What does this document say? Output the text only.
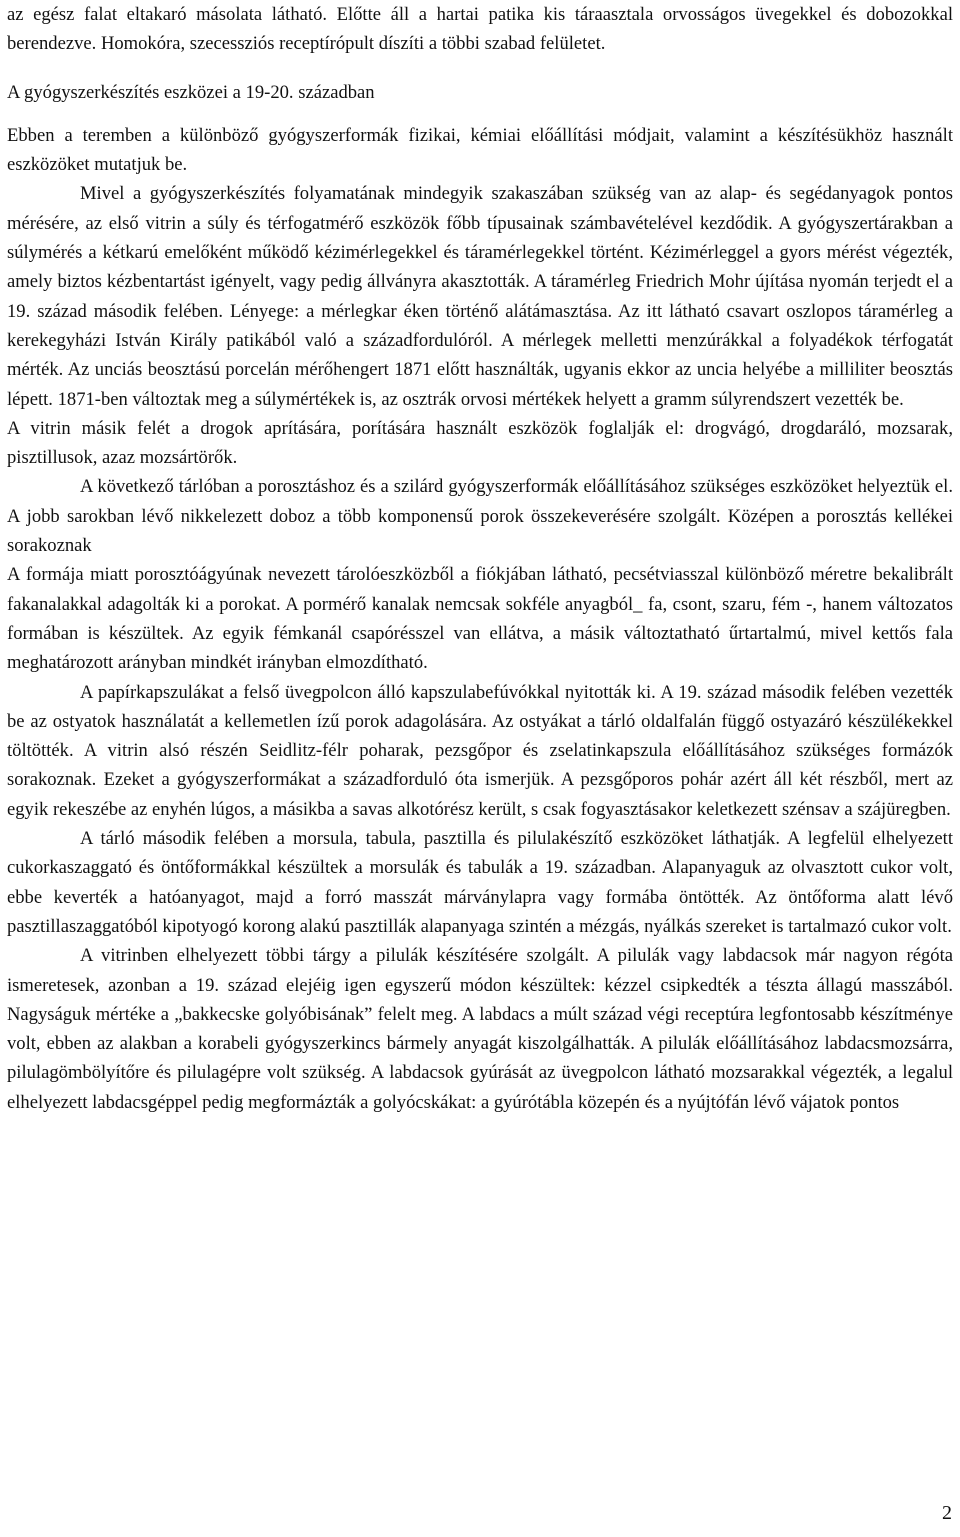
az egész falat eltakaró másolata látható. Előtte áll a hartai patika kis táraasztala orvosságos üvegekkel és dobozokkal berendezve. Homokóra, szecessziós receptírópult díszíti a többi szabad felületet.

A gyógyszerkészítés eszközei a 19-20. században

Ebben a teremben a különböző gyógyszerformák fizikai, kémiai előállítási módjait, valamint a készítésükhöz használt eszközöket mutatjuk be.

Mivel a gyógyszerkészítés folyamatának mindegyik szakaszában szükség van az alap- és segédanyagok pontos mérésére, az első vitrin a súly és térfogatmérő eszközök főbb típusainak számbavételével kezdődik. A gyógyszertárakban a súlymérés a kétkarú emelőként működő kézimérlegekkel és táramérlegekkel történt. Kézimérleggel a gyors mérést végezték, amely biztos kézbentartást igényelt, vagy pedig állványra akasztották. A táramérleg Friedrich Mohr újítása nyomán terjedt el a 19. század második felében. Lényege: a mérlegkar éken történő alátámasztása. Az itt látható csavart oszlopos táramérleg a kerekegyházi István Király patikából való a századfordulóról. A mérlegek melletti menzúrákkal a folyadékok térfogatát mérték. Az unciás beosztású porcelán mérőhengert 1871 előtt használták, ugyanis ekkor az uncia helyébe a milliliter beosztás lépett. 1871-ben változtak meg a súlymértékek is, az osztrák orvosi mértékek helyett a gramm súlyrendszert vezették be.

A vitrin másik felét a drogok aprítására, porítására használt eszközök foglalják el: drogvágó, drogdaráló, mozsarak, pisztillusok, azaz mozsártörők.

A következő tárlóban a porosztáshoz és a szilárd gyógyszerformák előállításához szükséges eszközöket helyeztük el. A jobb sarokban lévő nikkelezett doboz a több komponensű porok összekeverésére szolgált. Középen a porosztás kellékei sorakoznak

A formája miatt porosztóágyúnak nevezett tárolóeszközből a fiókjában látható, pecsétviasszal különböző méretre bekalibrált fakanalakkal adagolták ki a porokat. A pormérő kanalak nemcsak sokféle anyagból_ fa, csont, szaru, fém -, hanem változatos formában is készültek. Az egyik fémkanál csapórésszel van ellátva, a másik változtatható űrtartalmú, mivel kettős fala meghatározott arányban mindkét irányban elmozdítható.

A papírkapszulákat a felső üvegpolcon álló kapszulabefúvókkal nyitották ki. A 19. század második felében vezették be az ostyatok használatát a kellemetlen ízű porok adagolására. Az ostyákat a tárló oldalfalán függő ostyazáró készülékekkel töltötték. A vitrin alsó részén Seidlitz-félr poharak, pezsgőpor és zselatinkapszula előállításához szükséges formázók sorakoznak. Ezeket a gyógyszerformákat a századforduló óta ismerjük. A pezsgőporos pohár azért áll két részből, mert az egyik rekeszébe az enyhén lúgos, a másikba a savas alkotórész került, s csak fogyasztásakor keletkezett szénsav a szájüregben.

A tárló második felében a morsula, tabula, pasztilla és pilulakészítő eszközöket láthatják. A legfelül elhelyezett cukorkaszaggató és öntőformákkal készültek a morsulák és tabulák a 19. században. Alapanyaguk az olvasztott cukor volt, ebbe keverték a hatóanyagot, majd a forró masszát márványlapra vagy formába öntötték. Az öntőforma alatt lévő pasztillaszaggatóból kipotyogó korong alakú pasztillák alapanyaga szintén a mézgás, nyálkás szereket is tartalmazó cukor volt.

A vitrinben elhelyezett többi tárgy a pilulák készítésére szolgált. A pilulák vagy labdacsok már nagyon régóta ismeretesek, azonban a 19. század elejéig igen egyszerű módon készültek: kézzel csipkedték a tészta állagú masszából. Nagyságuk mértéke a „bakkecske golyóbisának” felelt meg. A labdacs a múlt század végi receptúra legfontosabb készítménye volt, ebben az alakban a korabeli gyógyszerkincs bármely anyagát kiszolgálhatták. A pilulák előállításához labdacsmozsárra, pilulagömbölyítőre és pilulagépre volt szükség. A labdacsok gyúrását az üvegpolcon látható mozsarakkal végezték, a legalul elhelyezett labdacsgéppel pedig megformázták a golyócskákat: a gyúrótábla közepén és a nyújtófán lévő vájatok pontos

2
